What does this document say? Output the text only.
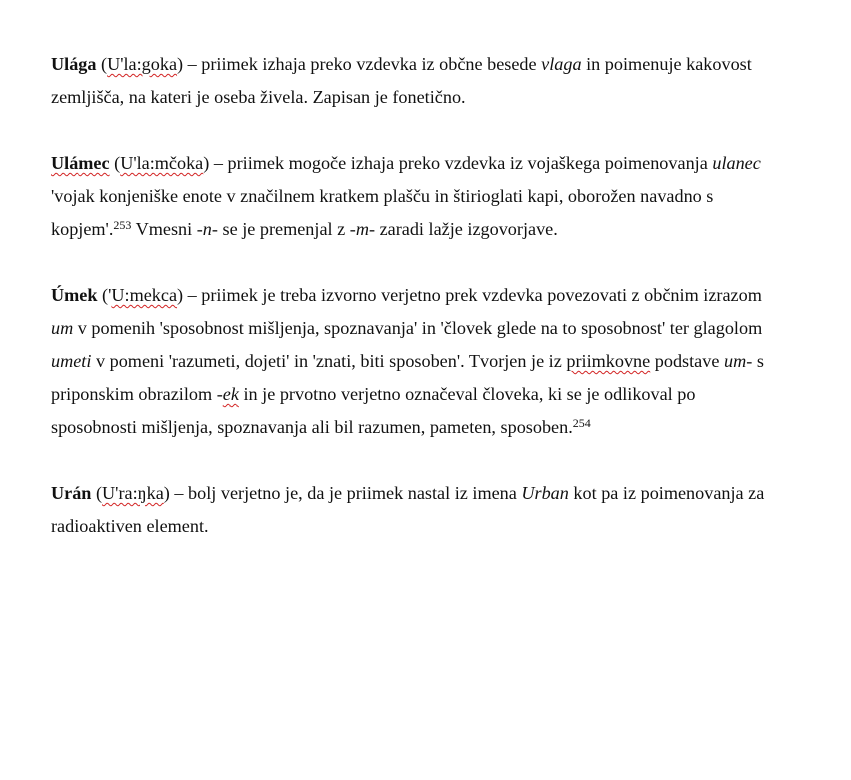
Ulaga (U'la:goka) – priimek izhaja preko vzdevka iz občne besede vlaga in poimenuje kakovost zemljišča, na kateri je oseba živela. Zapisan je fonetično.

Ulamec (U'la:mčoka) – priimek mogoče izhaja preko vzdevka iz vojaškega poimenovanja ulanec 'vojak konjeniške enote v značilnem kratkem plašču in štirioglati kapi, oborožen navadno s kopjem'.$^{253}$ Vmesni -n- se je premenjal z -m- zaradi lažje izgovorjave.

Úmek ('U:mekca) – priimek je treba izvorno verjetno prek vzdevka povezovati z občnim izrazom um v pomenih 'sposobnost mišljenja, spoznavanja' in 'človek glede na to sposobnost' ter glagolom umeti v pomeni 'razumeti, dojeti' in 'znati, biti sposoben'. Tvorjen je iz priimkovne podstave um- s priponskim obrazilom -ek in je prvotno verjetno označeval človeka, ki se je odlikoval po sposobnosti mišljenja, spoznavanja ali bil razumen, pameten, sposoben.$^{254}$

Urán (U'ra:ŋka) – bolj verjetno je, da je priimek nastal iz imena Urban kot pa iz poimenovanja za radioaktiven element.
